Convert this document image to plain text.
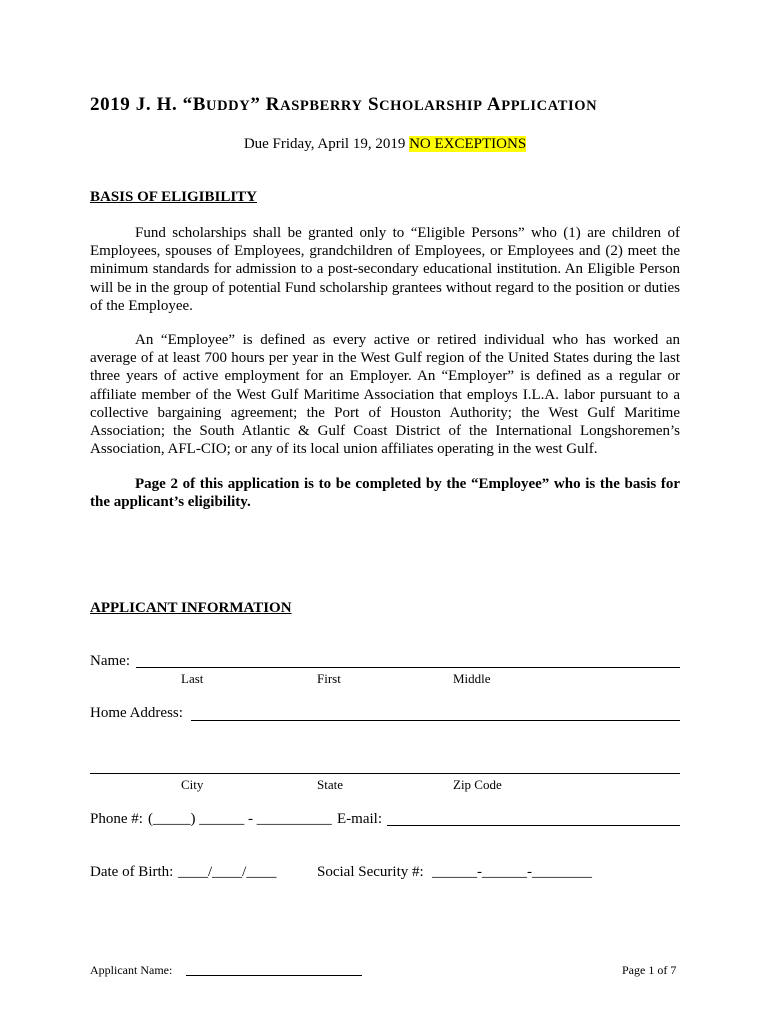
2019 J. H. “BUDDY” RASPBERRY SCHOLARSHIP APPLICATION
Due Friday, April 19, 2019 NO EXCEPTIONS
BASIS OF ELIGIBILITY
Fund scholarships shall be granted only to “Eligible Persons” who (1) are children of Employees, spouses of Employees, grandchildren of Employees, or Employees and (2) meet the minimum standards for admission to a post-secondary educational institution. An Eligible Person will be in the group of potential Fund scholarship grantees without regard to the position or duties of the Employee.
An “Employee” is defined as every active or retired individual who has worked an average of at least 700 hours per year in the West Gulf region of the United States during the last three years of active employment for an Employer. An “Employer” is defined as a regular or affiliate member of the West Gulf Maritime Association that employs I.L.A. labor pursuant to a collective bargaining agreement; the Port of Houston Authority; the West Gulf Maritime Association; the South Atlantic & Gulf Coast District of the International Longshoremen’s Association, AFL-CIO; or any of its local union affiliates operating in the west Gulf.
Page 2 of this application is to be completed by the “Employee” who is the basis for the applicant’s eligibility.
APPLICANT INFORMATION
Name:
Last	First	Middle
Home Address:
City	State	Zip Code
Phone #: (_____) ______ - __________ E-mail:
Date of Birth: ____/____/____	Social Security #: ______-______-________
Applicant Name:	Page 1 of 7
